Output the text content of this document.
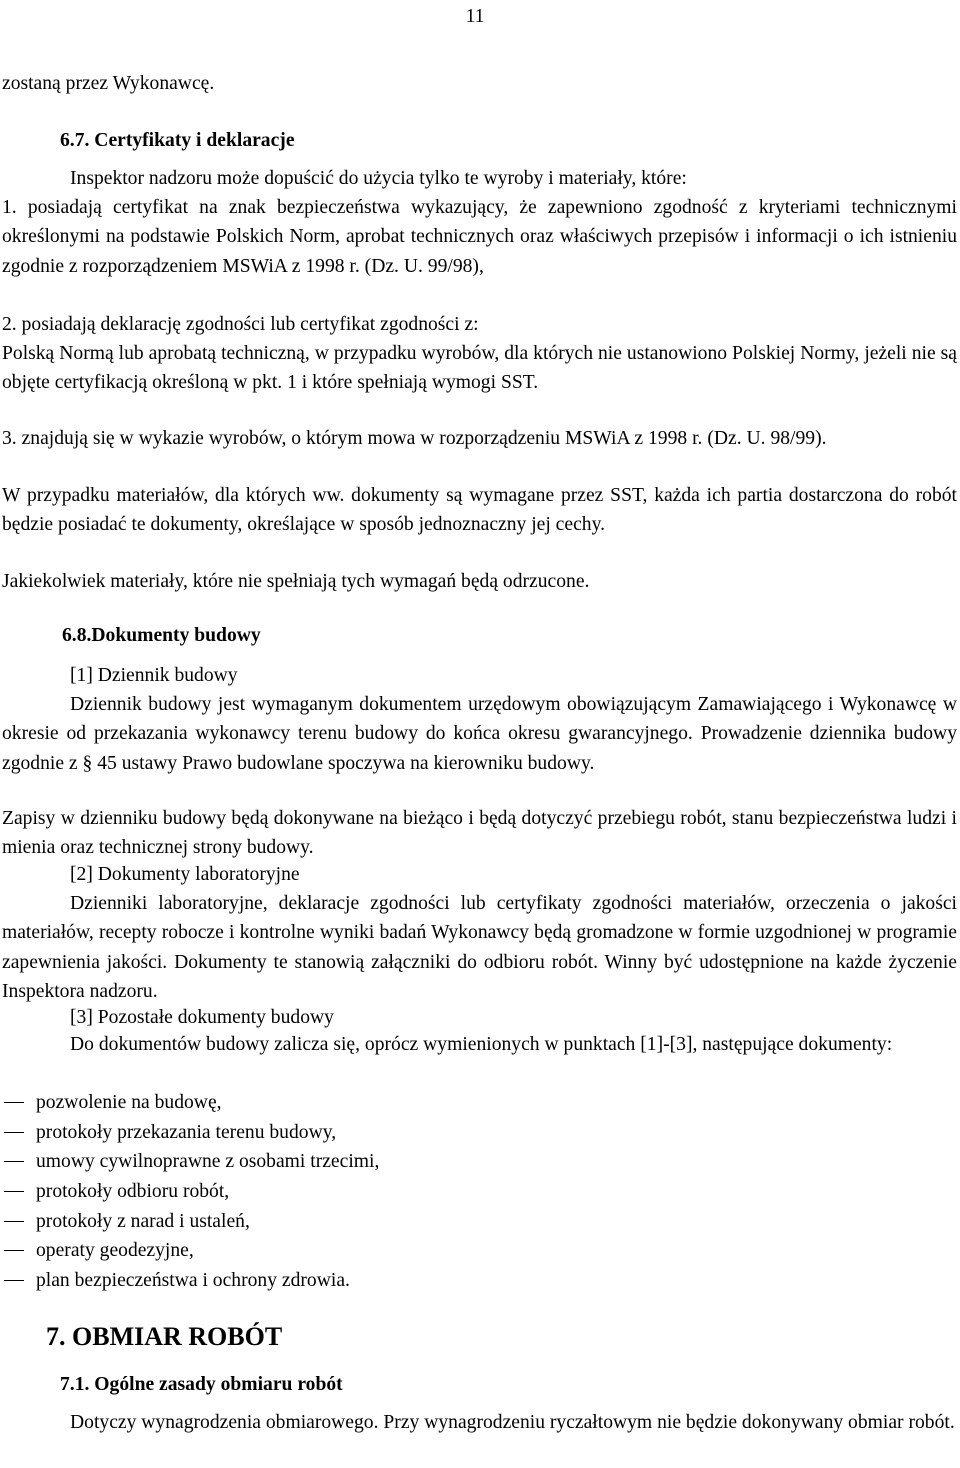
11
zostaną przez Wykonawcę.
6.7. Certyfikaty i deklaracje
Inspektor nadzoru może dopuścić do użycia tylko te wyroby i materiały, które:

1. posiadają certyfikat na znak bezpieczeństwa wykazujący, że zapewniono zgodność z kryteriami technicznymi określonymi na podstawie Polskich Norm, aprobat technicznych oraz właściwych przepisów i informacji o ich istnieniu zgodnie z rozporządzeniem MSWiA z 1998 r. (Dz. U. 99/98),

2. posiadają deklarację zgodności lub certyfikat zgodności z:

Polską Normą lub aprobatą techniczną, w przypadku wyrobów, dla których nie ustanowiono Polskiej Normy, jeżeli nie są objęte certyfikacją określoną w pkt. 1 i które spełniają wymogi SST.

3. znajdują się w wykazie wyrobów, o którym mowa w rozporządzeniu MSWiA z 1998 r. (Dz. U. 98/99).

W przypadku materiałów, dla których ww. dokumenty są wymagane przez SST, każda ich partia dostarczona do robót będzie posiadać te dokumenty, określające w sposób jednoznaczny jej cechy.

Jakiekolwiek materiały, które nie spełniają tych wymagań będą odrzucone.
6.8.Dokumenty budowy
[1] Dziennik budowy

Dziennik budowy jest wymaganym dokumentem urzędowym obowiązującym Zamawiającego i Wykonawcę w okresie od przekazania wykonawcy terenu budowy do końca okresu gwarancyjnego. Prowadzenie dziennika budowy zgodnie z § 45 ustawy Prawo budowlane spoczywa na kierowniku budowy.

Zapisy w dzienniku budowy będą dokonywane na bieżąco i będą dotyczyć przebiegu robót, stanu bezpieczeństwa ludzi i mienia oraz technicznej strony budowy.

[2] Dokumenty laboratoryjne

Dzienniki laboratoryjne, deklaracje zgodności lub certyfikaty zgodności materiałów, orzeczenia o jakości materiałów, recepty robocze i kontrolne wyniki badań Wykonawcy będą gromadzone w formie uzgodnionej w programie zapewnienia jakości. Dokumenty te stanowią załączniki do odbioru robót. Winny być udostępnione na każde życzenie Inspektora nadzoru.

[3] Pozostałe dokumenty budowy

Do dokumentów budowy zalicza się, oprócz wymienionych w punktach [1]-[3], następujące dokumenty:

pozwolenie na budowę,
protokoły przekazania terenu budowy,
umowy cywilnoprawne z osobami trzecimi,
protokoły odbioru robót,
protokoły z narad i ustaleń,
operaty geodezyjne,
plan bezpieczeństwa i ochrony zdrowia.
7. OBMIAR ROBÓT
7.1. Ogólne zasady obmiaru robót

Dotyczy wynagrodzenia obmiarowego. Przy wynagrodzeniu ryczałtowym nie będzie dokonywany obmiar robót.
